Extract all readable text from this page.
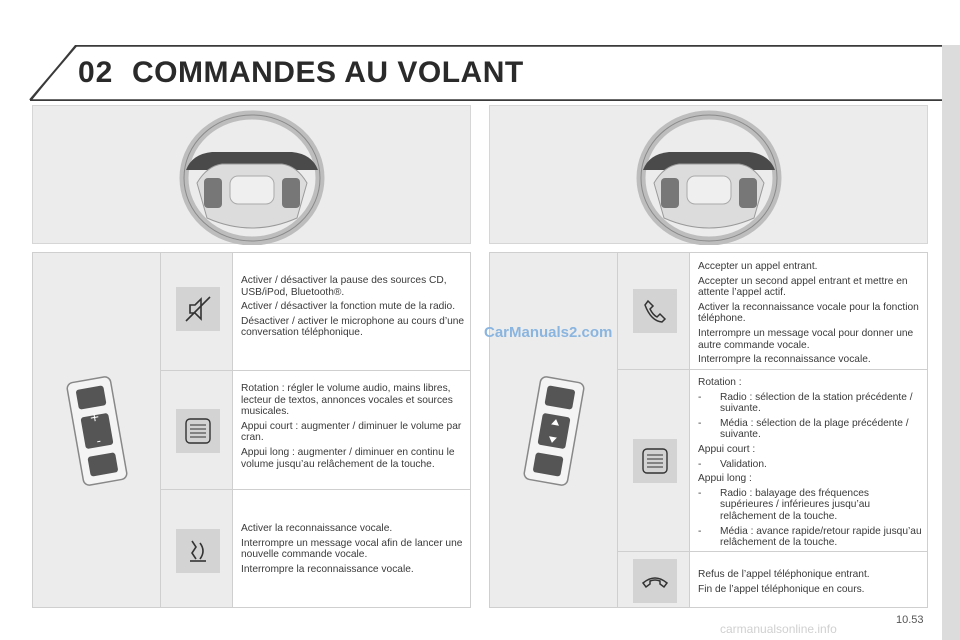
02 COMMANDES AU VOLANT
+
-

Activer / désactiver la pause des sources CD, USB/iPod, Bluetooth®.

Activer / désactiver la fonction mute de la radio.

Désactiver / activer le microphone au cours d’une conversation téléphonique.

Rotation : régler le volume audio, mains libres, lecteur de textos, annonces vocales et sources musicales.

Appui court : augmenter / diminuer le volume par cran.

Appui long : augmenter / diminuer en continu le volume jusqu’au relâchement de la touche.

Activer la reconnaissance vocale.

Interrompre un message vocal afin de lancer une nouvelle commande vocale.

Interrompre la reconnaissance vocale.

Accepter un appel entrant.

Accepter un second appel entrant et mettre en attente l’appel actif.

Activer la reconnaissance vocale pour la fonction téléphone.

Interrompre un message vocal pour donner une autre commande vocale.

Interrompre la reconnaissance vocale.

Rotation :

- Radio : sélection de la station précédente / suivante.
- Média : sélection de la plage précédente / suivante.

Appui court :

- Validation.

Appui long :

- Radio : balayage des fréquences supérieures / inférieures jusqu’au relâchement de la touche.
- Média : avance rapide/retour rapide jusqu’au relâchement de la touche.

Refus de l’appel téléphonique entrant.

Fin de l’appel téléphonique en cours.

CarManuals2.com
10.53
carmanualsonline.info
